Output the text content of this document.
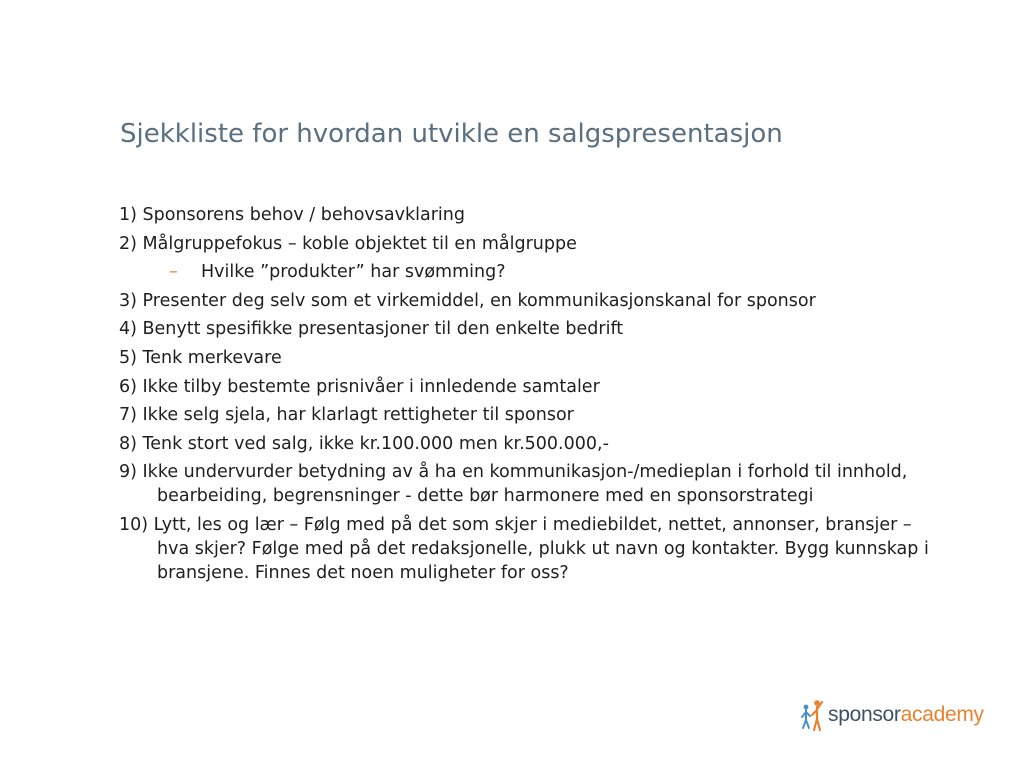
Sjekkliste for hvordan utvikle en salgspresentasjon
1) Sponsorens behov / behovsavklaring
2) Målgruppefokus – koble objektet til en målgruppe
– Hvilke ”produkter” har svømming?
3) Presenter deg selv som et virkemiddel, en kommunikasjonskanal for sponsor
4) Benytt spesifikke presentasjoner til den enkelte bedrift
5) Tenk merkevare
6) Ikke tilby bestemte prisnivåer i innledende samtaler
7) Ikke selg sjela, har klarlagt rettigheter til sponsor
8) Tenk stort ved salg, ikke kr.100.000 men kr.500.000,-
9) Ikke undervurder betydning av å ha en kommunikasjon-/medieplan i forhold til innhold, bearbeiding, begrensninger - dette bør harmonere med en sponsorstrategi
10) Lytt, les og lær – Følg med på det som skjer i mediebildet, nettet, annonser, bransjer – hva skjer? Følge med på det redaksjonelle, plukk ut navn og kontakter. Bygg kunnskap i bransjene. Finnes det noen muligheter for oss?
sponsoracademy
